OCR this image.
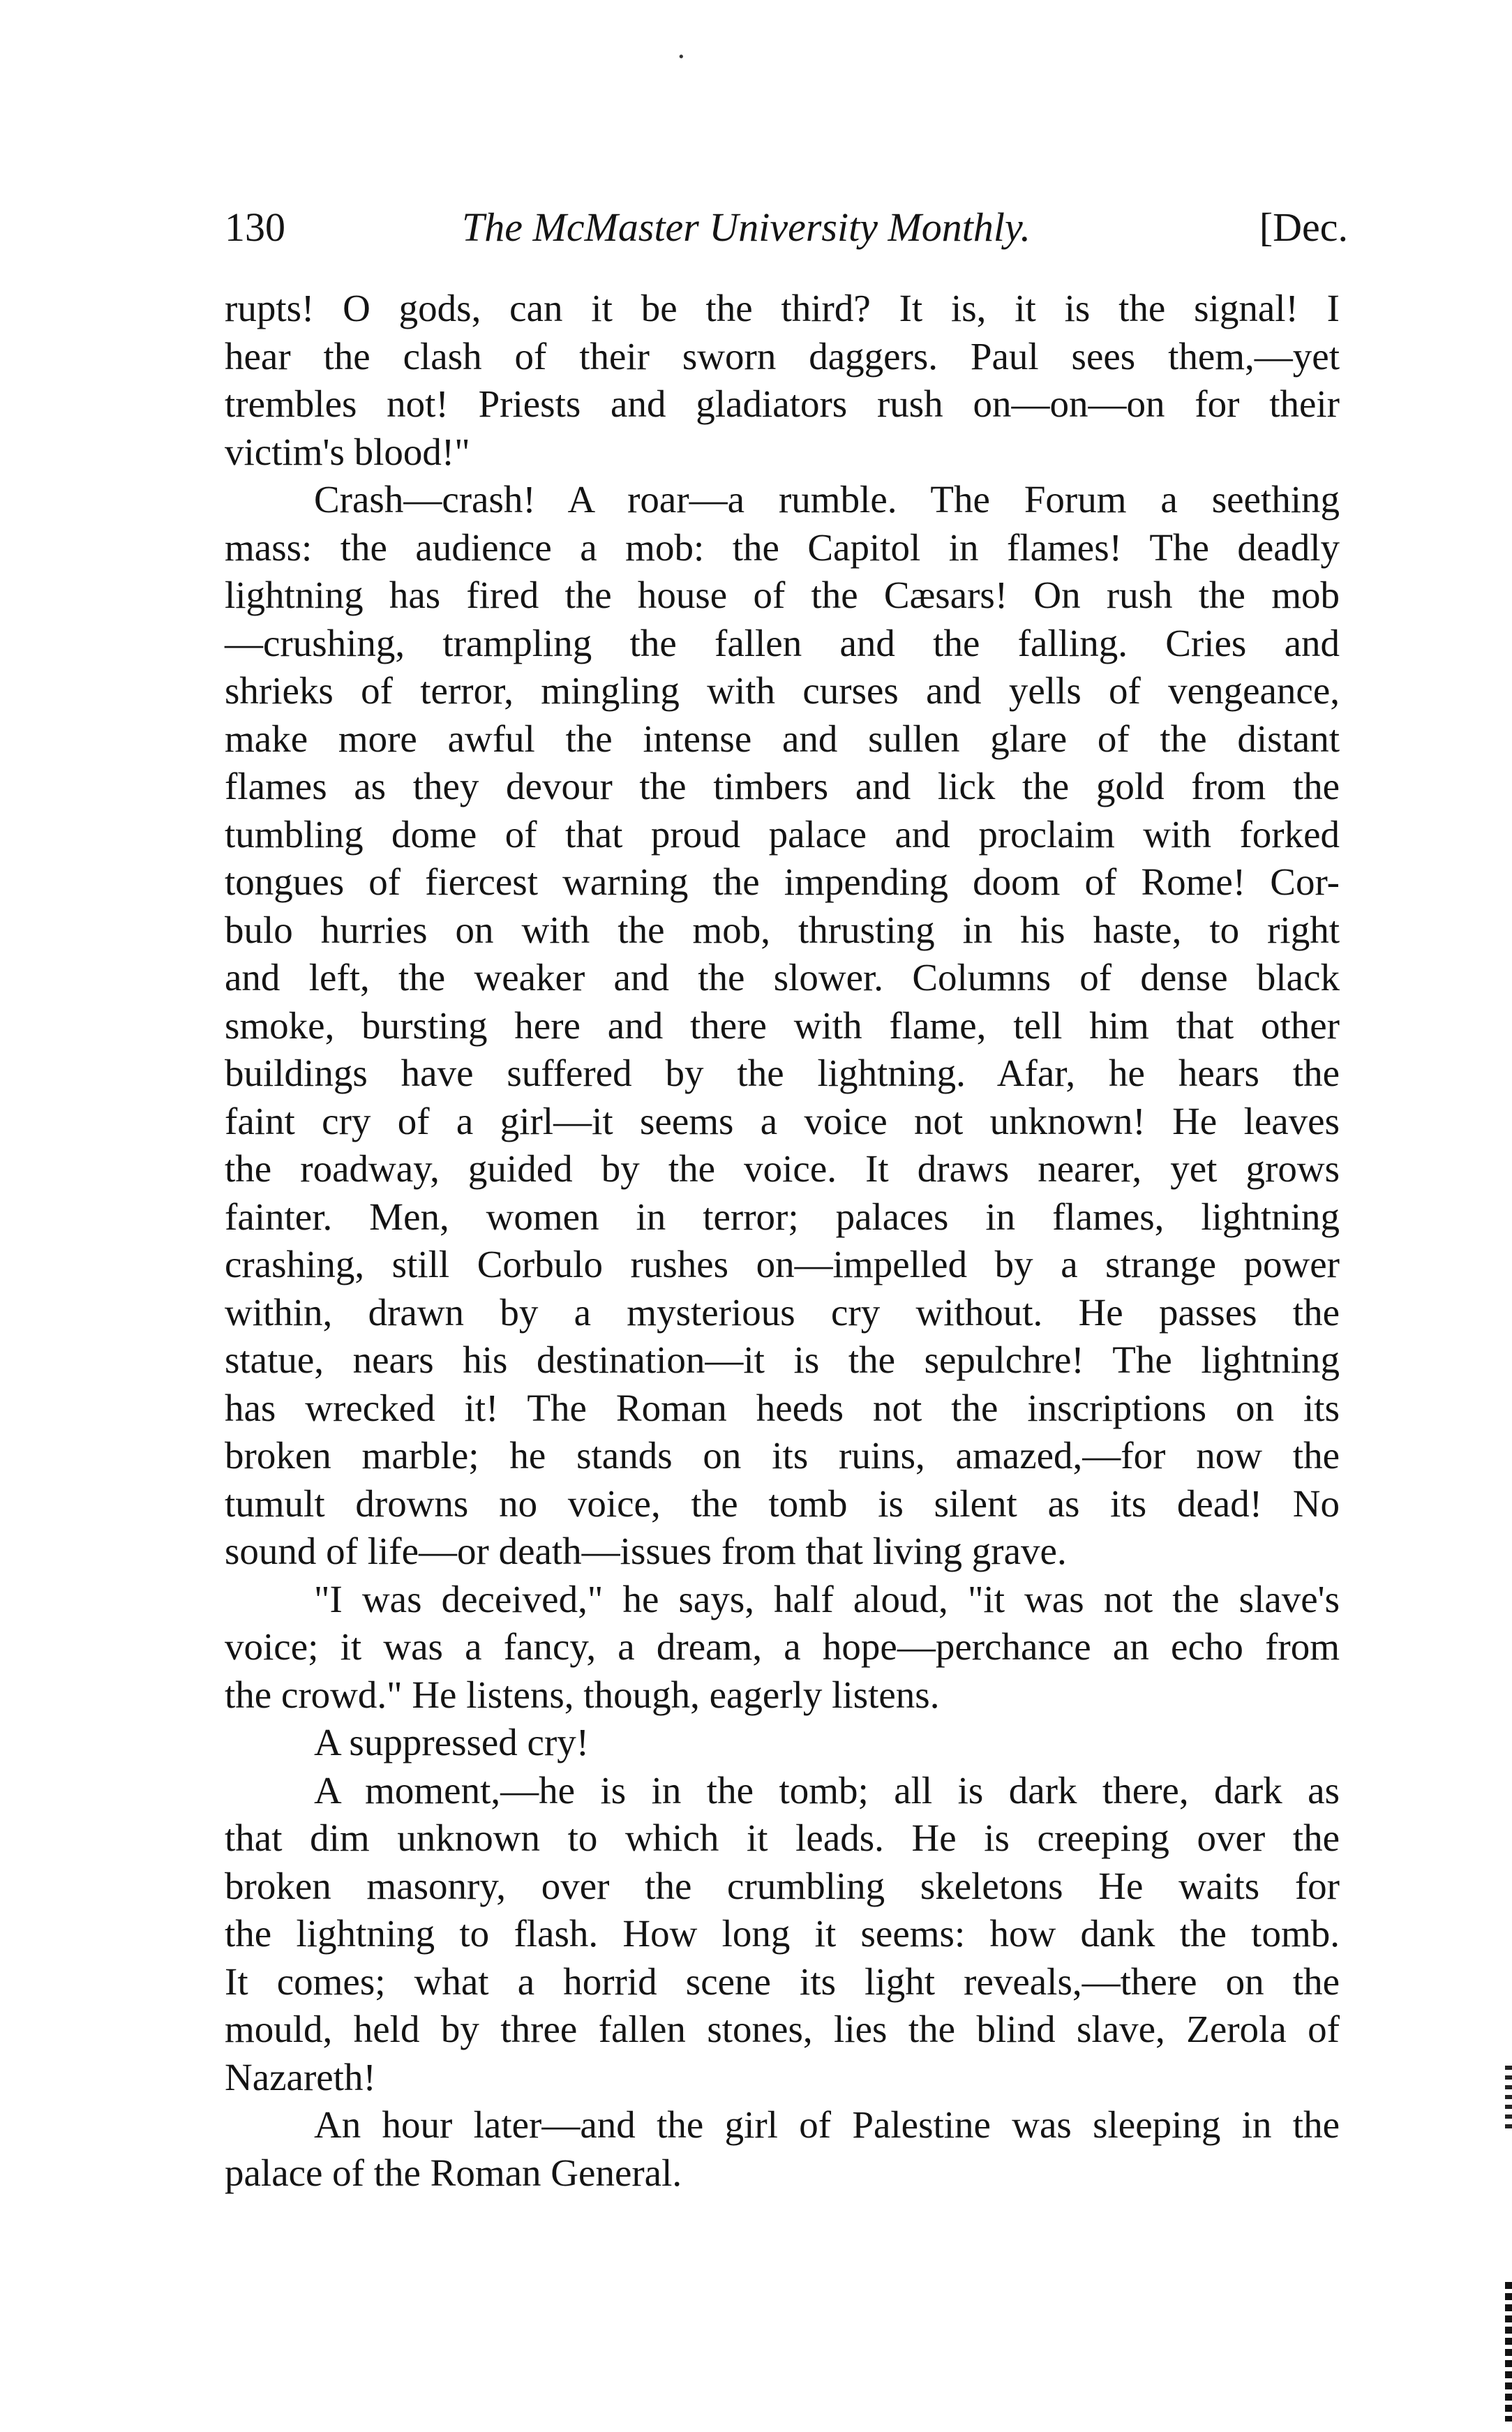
·
130	The McMaster University Monthly.	[Dec.
rupts! O gods, can it be the third? It is, it is the signal! I
hear the clash of their sworn daggers. Paul sees them,—yet
trembles not! Priests and gladiators rush on—on—on for their
victim's blood!"
Crash—crash! A roar—a rumble. The Forum a seething
mass: the audience a mob: the Capitol in flames! The deadly
lightning has fired the house of the Cæsars! On rush the mob
—crushing, trampling the fallen and the falling. Cries and
shrieks of terror, mingling with curses and yells of vengeance,
make more awful the intense and sullen glare of the distant
flames as they devour the timbers and lick the gold from the
tumbling dome of that proud palace and proclaim with forked
tongues of fiercest warning the impending doom of Rome! Cor-
bulo hurries on with the mob, thrusting in his haste, to right
and left, the weaker and the slower. Columns of dense black
smoke, bursting here and there with flame, tell him that other
buildings have suffered by the lightning. Afar, he hears the
faint cry of a girl—it seems a voice not unknown! He leaves
the roadway, guided by the voice. It draws nearer, yet grows
fainter. Men, women in terror; palaces in flames, lightning
crashing, still Corbulo rushes on—impelled by a strange power
within, drawn by a mysterious cry without. He passes the
statue, nears his destination—it is the sepulchre! The lightning
has wrecked it! The Roman heeds not the inscriptions on its
broken marble; he stands on its ruins, amazed,—for now the
tumult drowns no voice, the tomb is silent as its dead! No
sound of life—or death—issues from that living grave.
"I was deceived," he says, half aloud, "it was not the slave's
voice; it was a fancy, a dream, a hope—perchance an echo from
the crowd." He listens, though, eagerly listens.
A suppressed cry!
A moment,—he is in the tomb; all is dark there, dark as
that dim unknown to which it leads. He is creeping over the
broken masonry, over the crumbling skeletons He waits for
the lightning to flash. How long it seems: how dank the tomb.
It comes; what a horrid scene its light reveals,—there on the
mould, held by three fallen stones, lies the blind slave, Zerola of
Nazareth!
An hour later—and the girl of Palestine was sleeping in the
palace of the Roman General.
